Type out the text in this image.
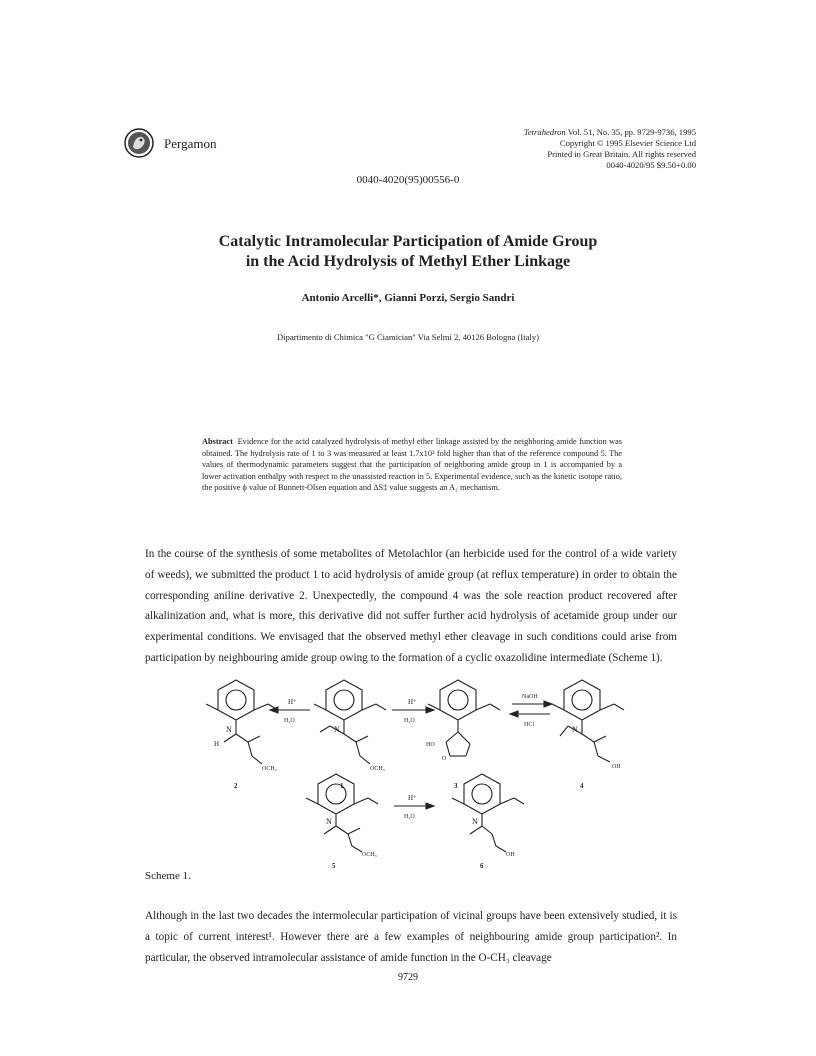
Pergamon
Tetrahedron Vol. 51, No. 35, pp. 9729-9736, 1995
Copyright © 1995 Elsevier Science Ltd
Printed in Great Britain. All rights reserved
0040-4020/95 $9.50+0.00
0040-4020(95)00556-0
Catalytic Intramolecular Participation of Amide Group
in the Acid Hydrolysis of Methyl Ether Linkage
Antonio Arcelli*, Gianni Porzi, Sergio Sandri
Dipartimento di Chimica "G Ciamician" Via Selmi 2, 40126 Bologna (Italy)
Abstract Evidence for the acid catalyzed hydrolysis of methyl ether linkage assisted by the neighboring amide function was obtained. The hydrolysis rate of 1 to 3 was measured at least 1.7x10³ fold higher than that of the reference compound 5. The values of thermodynamic parameters suggest that the participation of neighboring amide group in 1 is accompanied by a lower activation enthalpy with respect to the unassisted reaction in 5. Experimental evidence, such as the kinetic isotope ratio, the positive ϕ value of Bunnett-Olsen equation and ΔS‡ value suggests an A₂ mechanism.
In the course of the synthesis of some metabolites of Metolachlor (an herbicide used for the control of a wide variety of weeds), we submitted the product 1 to acid hydrolysis of amide group (at reflux temperature) in order to obtain the corresponding aniline derivative 2. Unexpectedly, the compound 4 was the sole reaction product recovered after alkalinization and, what is more, this derivative did not suffer further acid hydrolysis of acetamide group under our experimental conditions. We envisaged that the observed methyl ether cleavage in such conditions could arise from participation by neighbouring amide group owing to the formation of a cyclic oxazolidine intermediate (Scheme 1).
N
H
OCH₃
2
H⁺
H₂O
N
OCH₃
1
H⁺
H₂O
HO
O
3
NaOH
HCl	N
OH
4
N
OCH₃
H⁺
H₂O	N
OH
5	6
Scheme 1.
Although in the last two decades the intermolecular participation of vicinal groups have been extensively studied, it is a topic of current interest¹. However there are a few examples of neighbouring amide group participation². In particular, the observed intramolecular assistance of amide function in the O-CH₃ cleavage
9729
